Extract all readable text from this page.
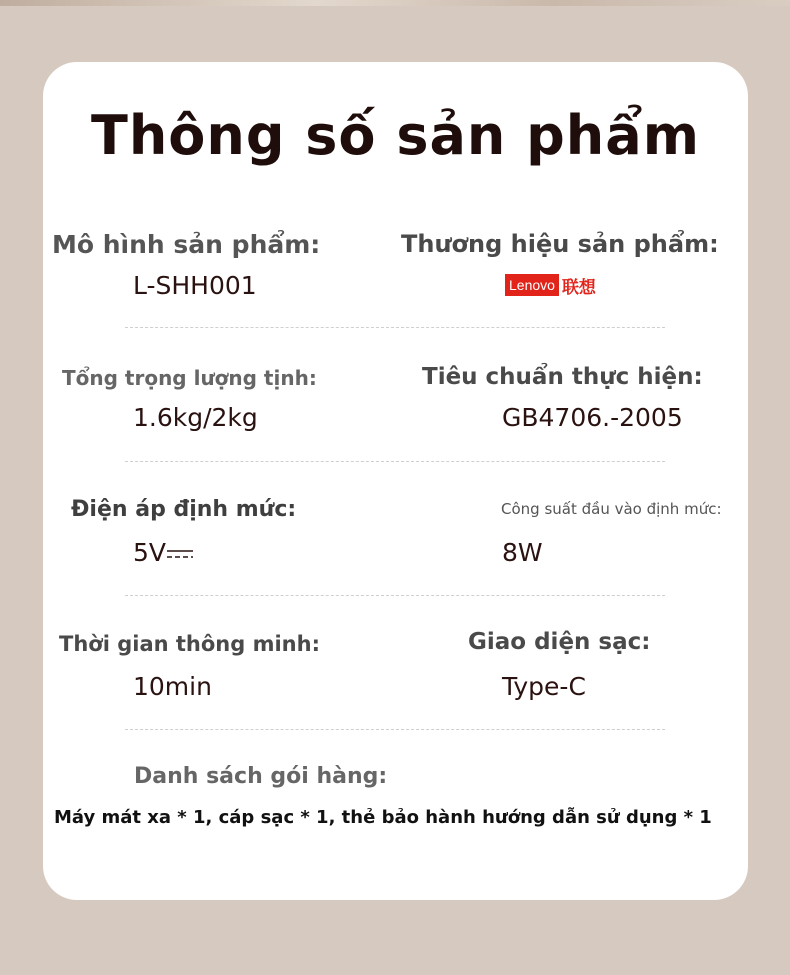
Thông số sản phẩm
Mô hình sản phẩm:
L-SHH001
Thương hiệu sản phẩm:
Lenovo 联想
Tổng trọng lượng tịnh:
1.6kg/2kg
Tiêu chuẩn thực hiện:
GB4706.-2005
Điện áp định mức:
5V
Công suất đầu vào định mức:
8W
Thời gian thông minh:
10min
Giao diện sạc:
Type-C
Danh sách gói hàng:
Máy mát xa * 1, cáp sạc * 1, thẻ bảo hành hướng dẫn sử dụng * 1
